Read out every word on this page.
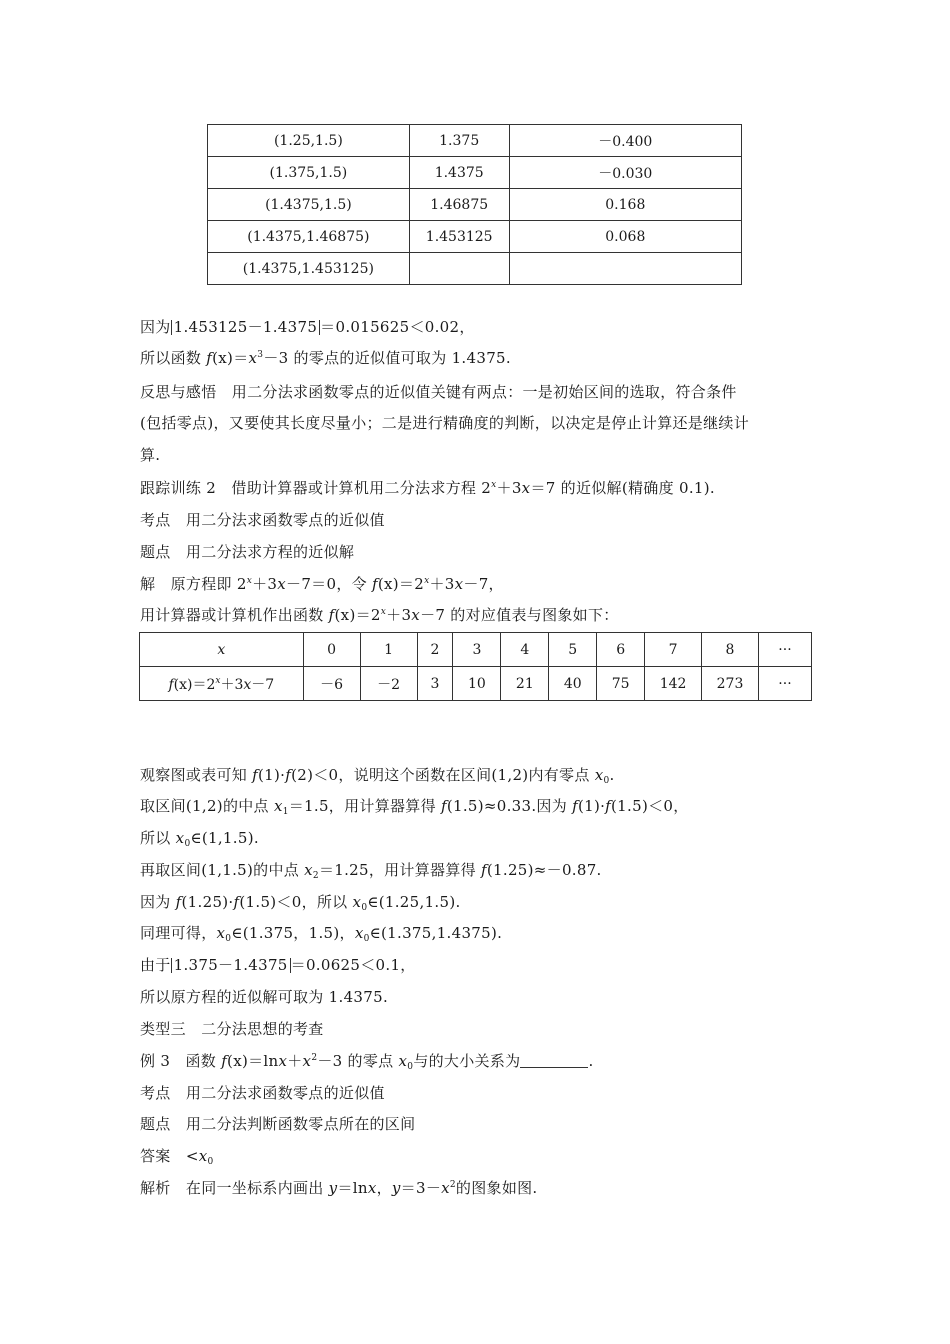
(1.25,1.5)	1.375	－0.400
(1.375,1.5)	1.4375	－0.030
(1.4375,1.5)	1.46875	0.168
(1.4375,1.46875)	1.453125	0.068
(1.4375,1.453125)		
因为 1.453125－1.4375 ＝0.015625＜0.02，
所以函数 $f(x)=x^3-3$ 的零点的近似值可取为 1.4375.
反思与感悟　用二分法求函数零点的近似值关键有两点：一是初始区间的选取，符合条件
(包括零点)，又要使其长度尽量小；二是进行精确度的判断，以决定是停止计算还是继续计
算.
跟踪训练 2　借助计算器或计算机用二分法求方程 $2^x+3x=7$ 的近似解(精确度 0.1).
考点　用二分法求函数零点的近似值
题点　用二分法求方程的近似解
解　原方程即 $2^x+3x-7=0$，令 $f(x)=2^x+3x-7$，
用计算器或计算机作出函数 $f(x)=2^x+3x-7$ 的对应值表与图象如下：
x	0	1	2	3	4	5	6	7	8	···
$f(x)=2^x+3x-7$	－6	－2	3	10	21	40	75	142	273	···
观察图或表可知 f(1)·f(2)＜0，说明这个函数在区间(1,2)内有零点 $x_0$.
取区间(1,2)的中点 $x_1=1.5$，用计算器算得 f(1.5)≈0.33.因为 f(1)·f(1.5)＜0，
所以 $x_0\in(1,1.5)$.
再取区间(1,1.5)的中点 $x_2=1.25$，用计算器算得 f(1.25)≈－0.87.
因为 f(1.25)·f(1.5)＜0，所以 $x_0\in(1.25,1.5)$.
同理可得，$x_0\in(1.375$，1.5)，$x_0\in(1.375,1.4375)$.
由于 1.375－1.4375 ＝0.0625＜0.1，
所以原方程的近似解可取为 1.4375.
类型三　二分法思想的考查
例 3　函数 $f(x)=\ln x+x^2-3$ 的零点 $x_0$与的大小关系为	.
考点　用二分法求函数零点的近似值
题点　用二分法判断函数零点所在的区间
答案　$<x_0$
解析　在同一坐标系内画出 y＝lnx，$y=3-x^2$的图象如图.
